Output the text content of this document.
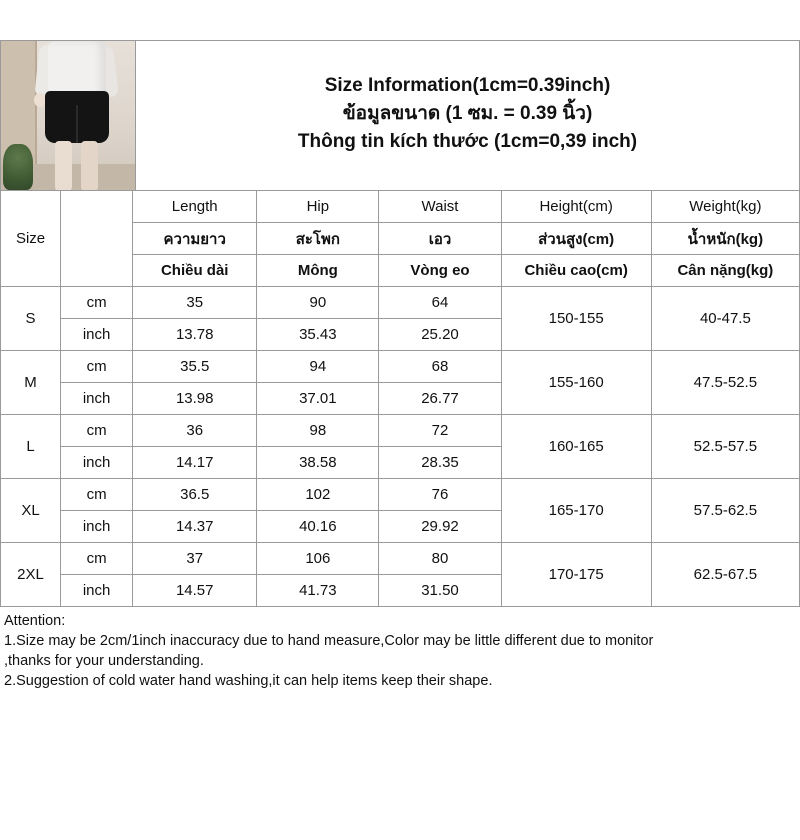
Size Information(1cm=0.39inch)
ข้อมูลขนาด (1 ซม. = 0.39 นิ้ว)
Thông tin kích thước (1cm=0,39 inch)
Size		Length	Hip	Waist	Height(cm)	Weight(kg)
		ความยาว	สะโพก	เอว	ส่วนสูง(cm)	น้ำหนัก(kg)
		Chiều dài	Mông	Vòng eo	Chiều cao(cm)	Cân nặng(kg)
S	cm	35	90	64	150-155	40-47.5
	inch	13.78	35.43	25.20		
M	cm	35.5	94	68	155-160	47.5-52.5
	inch	13.98	37.01	26.77		
L	cm	36	98	72	160-165	52.5-57.5
	inch	14.17	38.58	28.35		
XL	cm	36.5	102	76	165-170	57.5-62.5
	inch	14.37	40.16	29.92		
2XL	cm	37	106	80	170-175	62.5-67.5
	inch	14.57	41.73	31.50		
Attention:
1.Size may be 2cm/1inch inaccuracy due to hand measure,Color may be little different due to monitor
,thanks for your understanding.
2.Suggestion of cold water hand washing,it can help items keep their shape.
